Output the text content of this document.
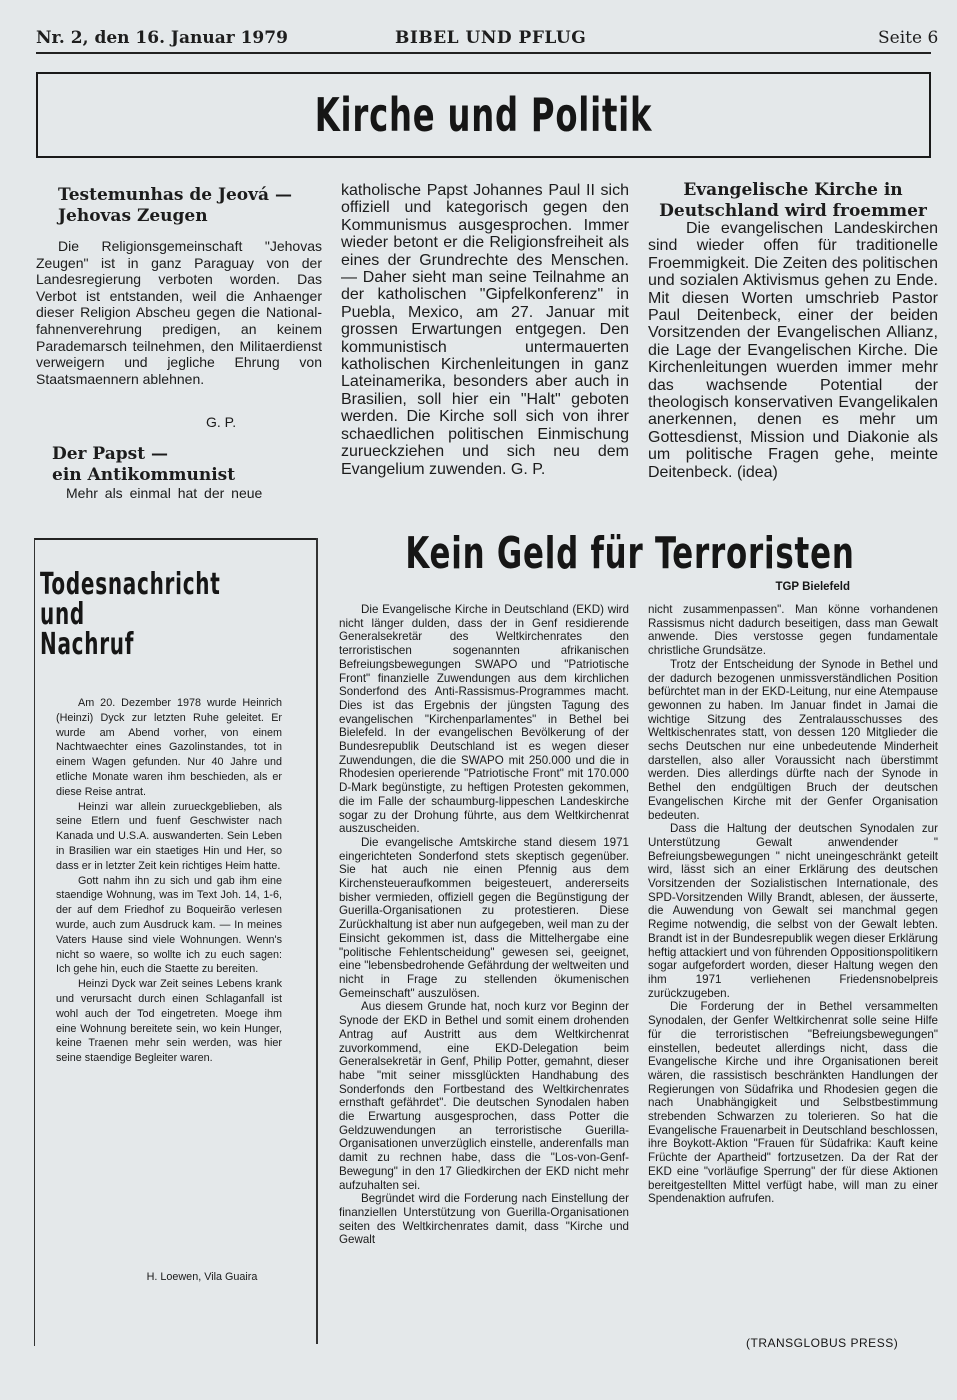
Nr. 2, den 16. Januar 1979	BIBEL UND PFLUG	Seite 6
Kirche und Politik
Testemunhas de Jeová —
Jehovas Zeugen

Die Religionsgemeinschaft "Jehovas Zeugen" ist in ganz Paraguay von der Landesregierung verboten worden. Das Verbot ist entstanden, weil die Anhaenger dieser Religion Abscheu gegen die National-fahnenverehrung predigen, an keinem Parademarsch teilnehmen, den Militaerdienst verweigern und jegliche Ehrung von Staatsmaennern ablehnen.

G. P.
Der Papst —
ein Antikommunist
Mehr als einmal hat der neue

katholische Papst Johannes Paul II sich offiziell und kategorisch gegen den Kommunismus ausgesprochen. Immer wieder betont er die Religionsfreiheit als eines der Grundrechte des Menschen. — Daher sieht man seine Teilnahme an der katholischen "Gipfelkonferenz" in Puebla, Mexico, am 27. Januar mit grossen Erwartungen entgegen. Den kommunistisch untermauerten katholischen Kirchenleitungen in ganz Lateinamerika, besonders aber auch in Brasilien, soll hier ein "Halt" geboten werden. Die Kirche soll sich von ihrer schaedlichen politischen Einmischung zurueckziehen und sich neu dem Evangelium zuwenden. G. P.

Evangelische Kirche in
Deutschland wird froemmer

Die evangelischen Landeskirchen sind wieder offen für traditionelle Froemmigkeit. Die Zeiten des politischen und sozialen Aktivismus gehen zu Ende. Mit diesen Worten umschrieb Pastor Paul Deitenbeck, einer der beiden Vorsitzenden der Evangelischen Allianz, die Lage der Evangelischen Kirche. Die Kirchenleitungen wuerden immer mehr das wachsende Potential der theologisch konservativen Evangelikalen anerkennen, denen es mehr um Gottesdienst, Mission und Diakonie als um politische Fragen gehe, meinte Deitenbeck. (idea)

Todesnachricht
und
Nachruf

Am 20. Dezember 1978 wurde Heinrich (Heinzi) Dyck zur letzten Ruhe geleitet. Er wurde am Abend vorher, von einem Nachtwaechter eines Gazolinstandes, tot in einem Wagen gefunden. Nur 40 Jahre und etliche Monate waren ihm beschieden, als er diese Reise antrat.

Heinzi war allein zurueckgeblieben, als seine Etlern und fuenf Geschwister nach Kanada und U.S.A. auswanderten. Sein Leben in Brasilien war ein staetiges Hin und Her, so dass er in letzter Zeit kein richtiges Heim hatte.

Gott nahm ihn zu sich und gab ihm eine staendige Wohnung, was im Text Joh. 14, 1-6, der auf dem Friedhof zu Boqueirão verlesen wurde, auch zum Ausdruck kam. — In meines Vaters Hause sind viele Wohnungen. Wenn's nicht so waere, so wollte ich zu euch sagen: Ich gehe hin, euch die Staette zu bereiten.

Heinzi Dyck war Zeit seines Lebens krank und verursacht durch einen Schlaganfall ist wohl auch der Tod eingetreten. Moege ihm eine Wohnung bereitete sein, wo kein Hunger, keine Traenen mehr sein werden, was hier seine staendige Begleiter waren.

H. Loewen, Vila Guaira
Kein Geld für Terroristen
TGP Bielefeld

Die Evangelische Kirche in Deutschland (EKD) wird nicht länger dulden, dass der in Genf residierende Generalsekretär des Weltkirchenrates den terroristischen sogenannten afrikanischen Befreiungsbewegungen SWAPO und "Patriotische Front" finanzielle Zuwendungen aus dem kirchlichen Sonderfond des Anti-Rassismus-Programmes macht. Dies ist das Ergebnis der jüngsten Tagung des evangelischen "Kirchenparlamentes" in Bethel bei Bielefeld. In der evangelischen Bevölkerung of der Bundesrepublik Deutschland ist es wegen dieser Zuwendungen, die die SWAPO mit 250.000 und die in Rhodesien operierende "Patriotische Front" mit 170.000 D-Mark begünstigte, zu heftigen Protesten gekommen, die im Falle der schaumburg-lippeschen Landeskirche sogar zu der Drohung führte, aus dem Weltkirchenrat auszuscheiden.

Die evangelische Amtskirche stand diesem 1971 eingerichteten Sonderfond stets skeptisch gegenüber. Sie hat auch nie einen Pfennig aus dem Kirchensteueraufkommen beigesteuert, andererseits bisher vermieden, offiziell gegen die Begünstigung der Guerilla-Organisationen zu protestieren. Diese Zurückhaltung ist aber nun aufgegeben, weil man zu der Einsicht gekommen ist, dass die Mittelhergabe eine "politische Fehlentscheidung" gewesen sei, geeignet, eine "lebensbedrohende Gefährdung der weltweiten und nicht in Frage zu stellenden ökumenischen Gemeinschaft" auszulösen.

Aus diesem Grunde hat, noch kurz vor Beginn der Synode der EKD in Bethel und somit einem drohenden Antrag auf Austritt aus dem Weltkirchenrat zuvorkommend, eine EKD-Delegation beim Generalsekretär in Genf, Philip Potter, gemahnt, dieser habe "mit seiner missglückten Handhabung des Sonderfonds den Fortbestand des Weltkirchenrates ernsthaft gefährdet". Die deutschen Synodalen haben die Erwartung ausgesprochen, dass Potter die Geldzuwendungen an terroristische Guerilla-Organisationen unverzüglich einstelle, anderenfalls man damit zu rechnen habe, dass die "Los-von-Genf-Bewegung" in den 17 Gliedkirchen der EKD nicht mehr aufzuhalten sei.

Begründet wird die Forderung nach Einstellung der finanziellen Unterstützung von Guerilla-Organisationen seiten des Weltkirchenrates damit, dass "Kirche und Gewalt

nicht zusammenpassen". Man könne vorhandenen Rassismus nicht dadurch beseitigen, dass man Gewalt anwende. Dies verstosse gegen fundamentale christliche Grundsätze.

Trotz der Entscheidung der Synode in Bethel und der dadurch bezogenen unmissverständlichen Position befürchtet man in der EKD-Leitung, nur eine Atempause gewonnen zu haben. Im Januar findet in Jamai die wichtige Sitzung des Zentralausschusses des Weltkischenrates statt, von dessen 120 Mitglieder die sechs Deutschen nur eine unbedeutende Minderheit darstellen, also aller Voraussicht nach überstimmt werden. Dies allerdings dürfte nach der Synode in Bethel den endgültigen Bruch der deutschen Evangelischen Kirche mit der Genfer Organisation bedeuten.

Dass die Haltung der deutschen Synodalen zur Unterstützung Gewalt anwendender " Befreiungsbewegungen " nicht uneingeschränkt geteilt wird, lässt sich an einer Erklärung des deutschen Vorsitzenden der Sozialistischen Internationale, des SPD-Vorsitzenden Willy Brandt, ablesen, der äusserte, die Auwendung von Gewalt sei manchmal gegen Regime notwendig, die selbst von der Gewalt lebten. Brandt ist in der Bundesrepublik wegen dieser Erklärung heftig attackiert und von führenden Oppositionspolitikern sogar aufgefordert worden, dieser Haltung wegen den ihm 1971 verliehenen Friedensnobelpreis zurückzugeben.

Die Forderung der in Bethel versammelten Synodalen, der Genfer Weltkirchenrat solle seine Hilfe für die terroristischen "Befreiungsbewegungen" einstellen, bedeutet allerdings nicht, dass die Evangelische Kirche und ihre Organisationen bereit wären, die rassistisch beschränkten Handlungen der Regierungen von Südafrika und Rhodesien gegen die nach Unabhängigkeit und Selbstbestimmung strebenden Schwarzen zu tolerieren. So hat die Evangelische Frauenarbeit in Deutschland beschlossen, ihre Boykott-Aktion "Frauen für Südafrika: Kauft keine Früchte der Apartheid" fortzusetzen. Da der Rat der EKD eine "vorläufige Sperrung" der für diese Aktionen bereitgestellten Mittel verfügt habe, will man zu einer Spendenaktion aufrufen.

(TRANSGLOBUS PRESS)
